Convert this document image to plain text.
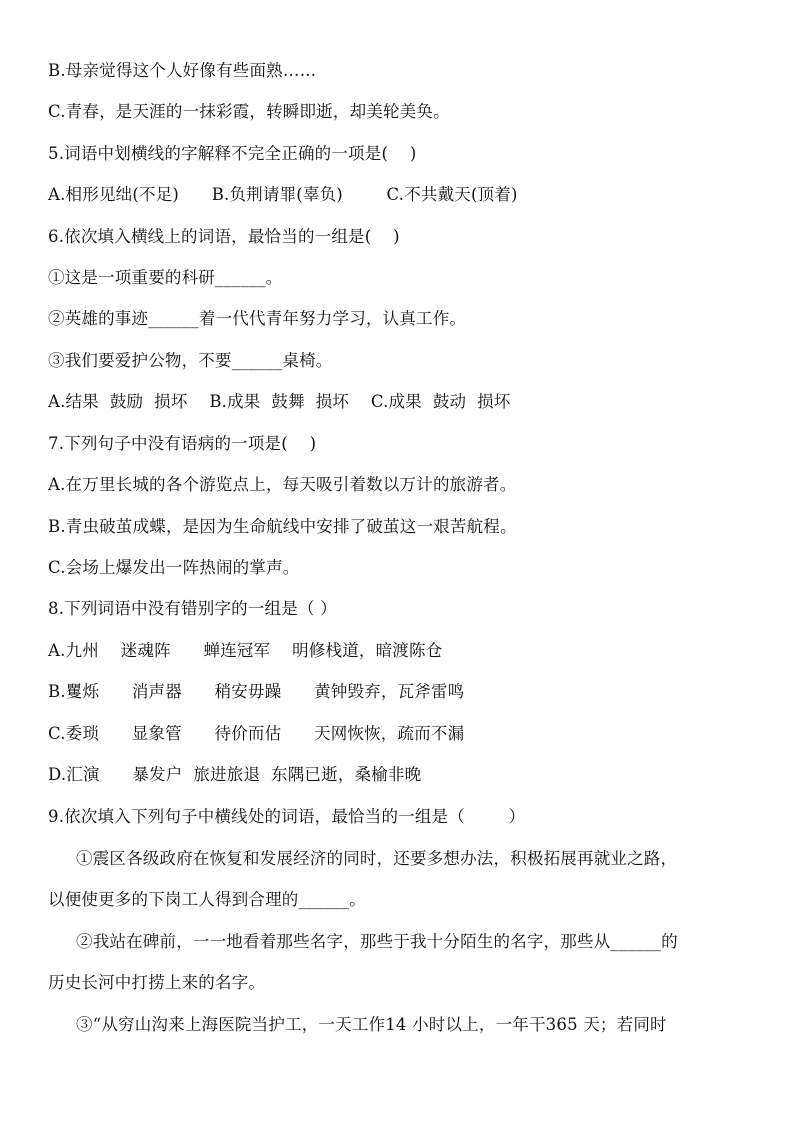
B.母亲觉得这个人好像有些面熟……
C.青春，是天涯的一抹彩霞，转瞬即逝，却美轮美奂。
5.词语中划横线的字解释不完全正确的一项是(    )
A.相形见绌(不足)      B.负荆请罪(辜负)        C.不共戴天(顶着)
6.依次填入横线上的词语，最恰当的一组是(    )
①这是一项重要的科研______。
②英雄的事迹______着一代代青年努力学习，认真工作。
③我们要爱护公物，不要______桌椅。
A.结果  鼓励  损坏    B.成果  鼓舞  损坏    C.成果  鼓动  损坏
7.下列句子中没有语病的一项是(    )
A.在万里长城的各个游览点上，每天吸引着数以万计的旅游者。
B.青虫破茧成蝶，是因为生命航线中安排了破茧这一艰苦航程。
C.会场上爆发出一阵热闹的掌声。
8.下列词语中没有错别字的一组是（ ）
A.九州    迷魂阵      蝉连冠军    明修栈道，暗渡陈仓
B.矍烁      消声器      稍安毋躁      黄钟毁弃，瓦斧雷鸣
C.委琐      显象管      待价而估      天网恢恢，疏而不漏
D.汇演      暴发户  旅进旅退  东隅已逝，桑榆非晚
9.依次填入下列句子中横线处的词语，最恰当的一组是（        ）
①震区各级政府在恢复和发展经济的同时，还要多想办法，积极拓展再就业之路，
以便使更多的下岗工人得到合理的______。
②我站在碑前，一一地看着那些名字，那些于我十分陌生的名字，那些从______的
历史长河中打捞上来的名字。
③“从穷山沟来上海医院当护工，一天工作14 小时以上，一年干365 天；若同时
